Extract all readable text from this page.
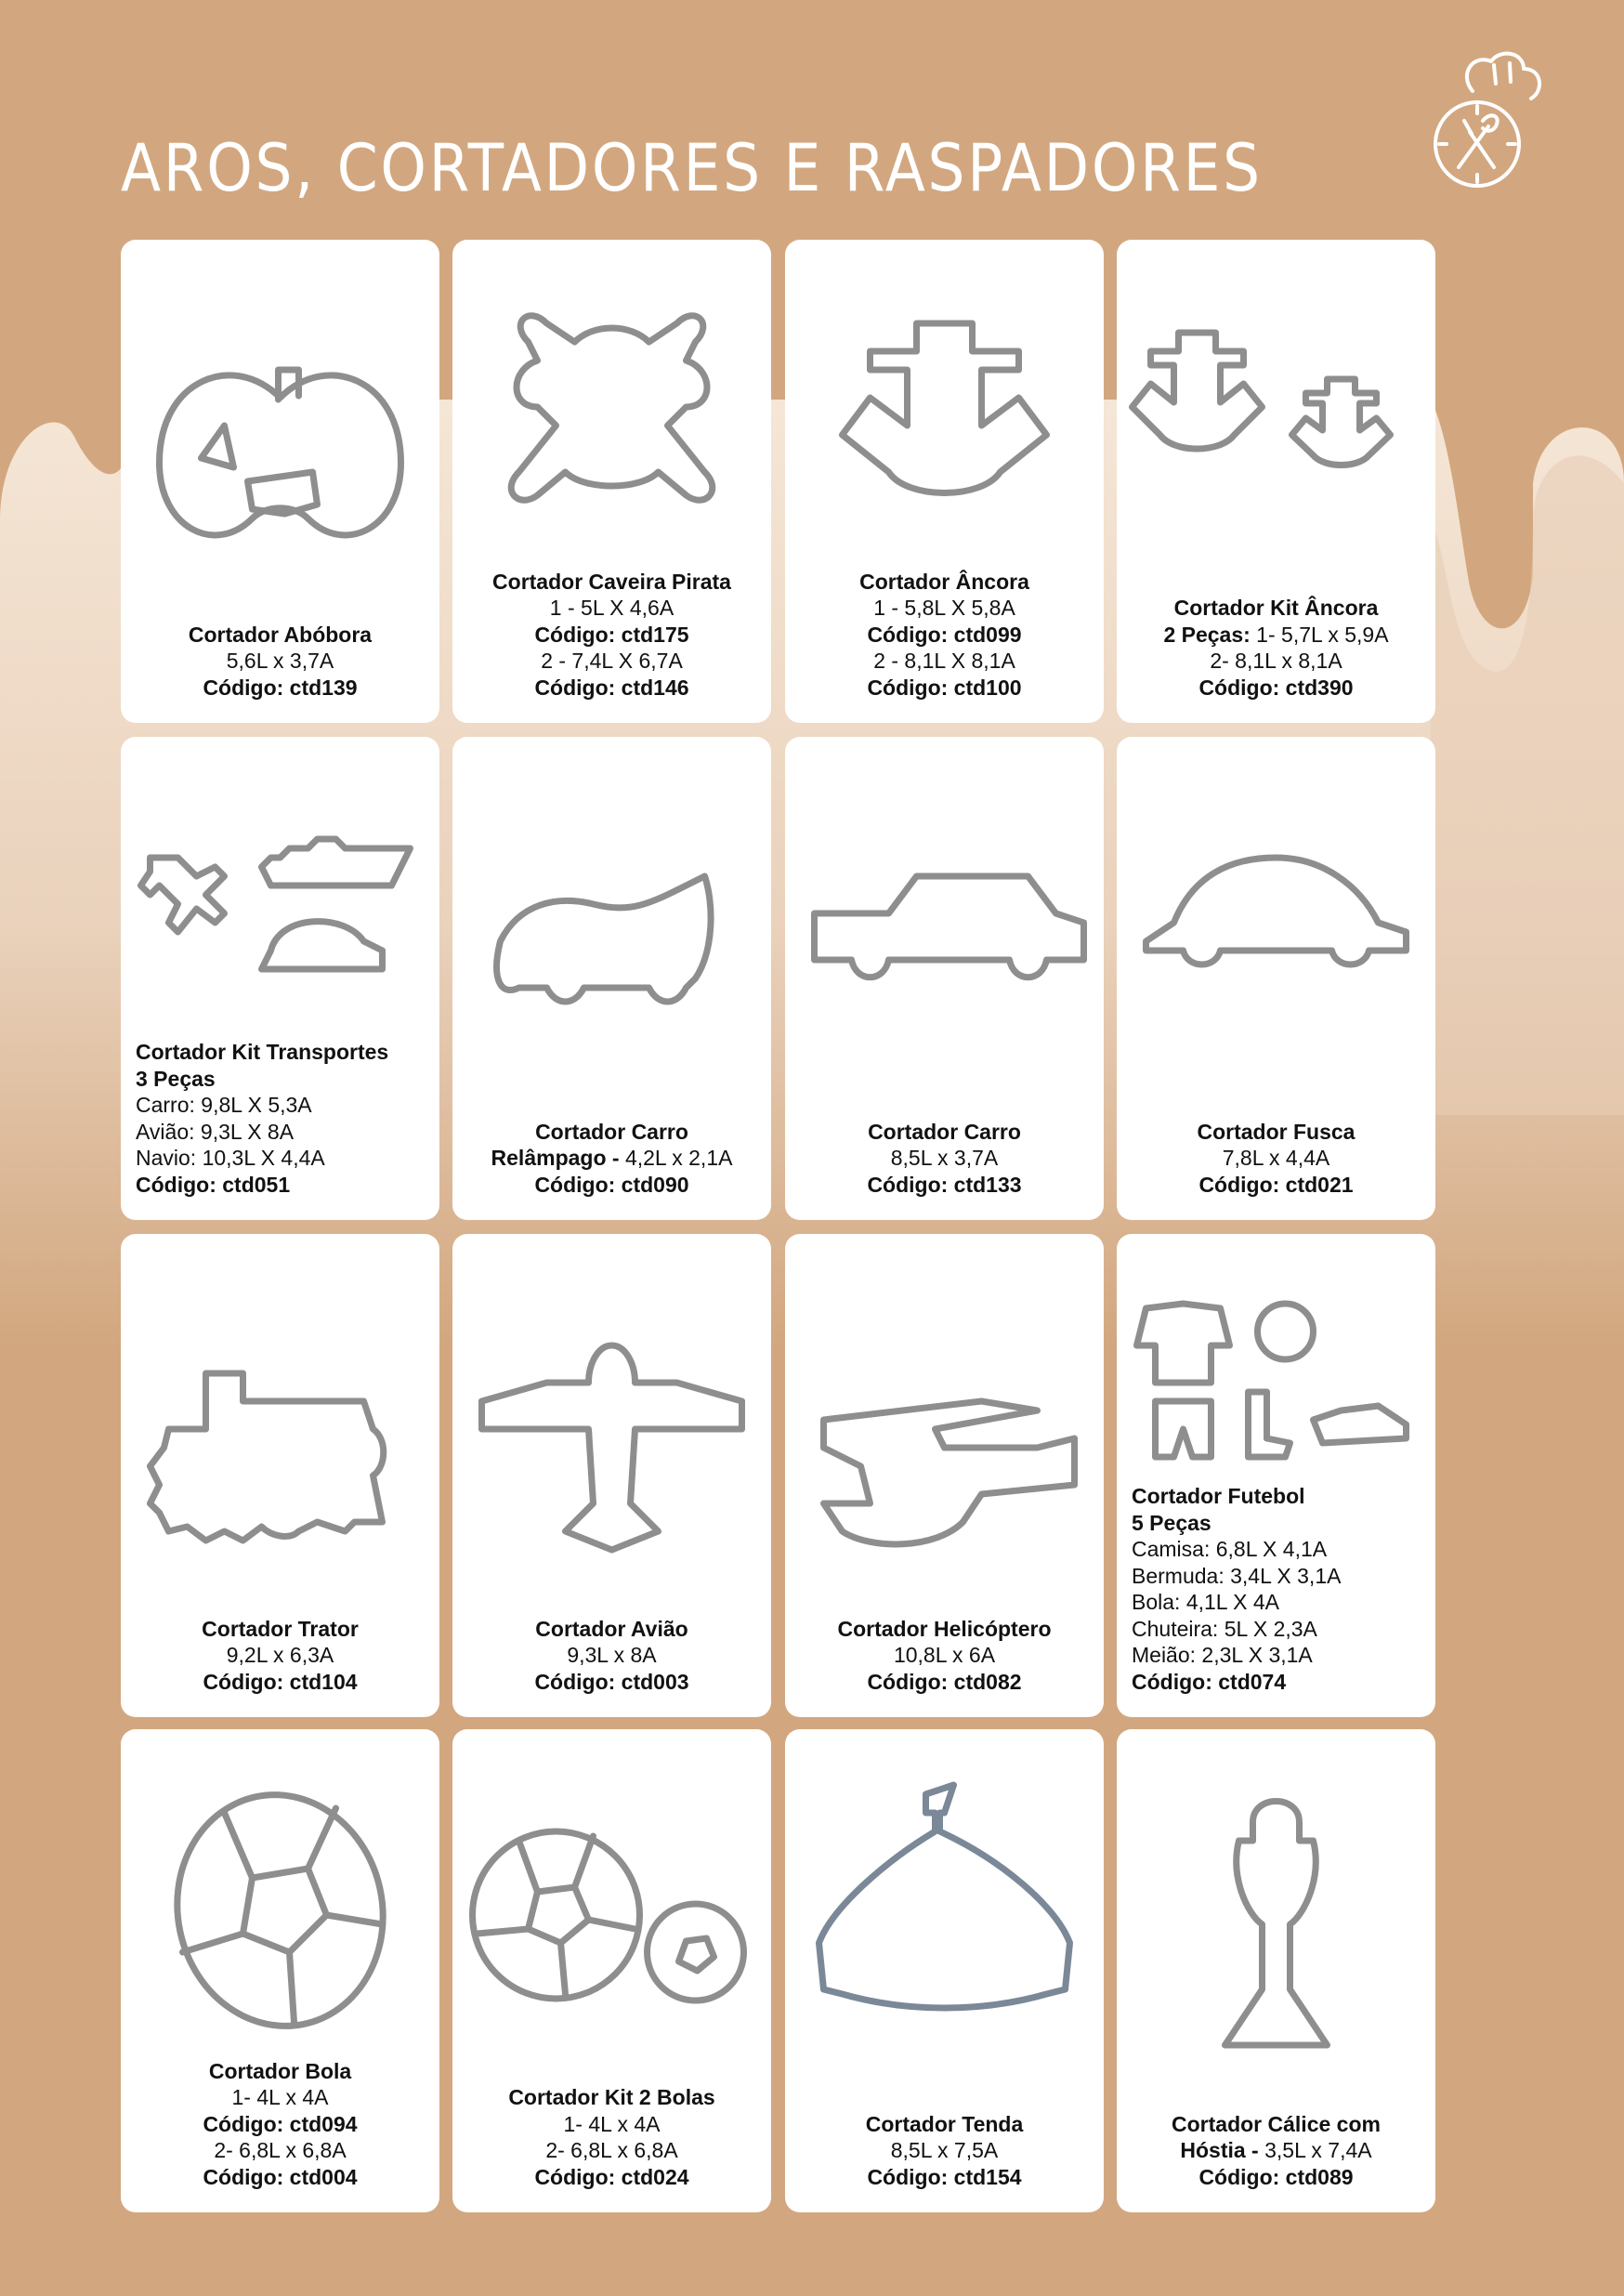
AROS, CORTADORES E RASPADORES
Cortador Abóbora
5,6L x 3,7A
Código: ctd139
Cortador Caveira Pirata
1 - 5L X 4,6A
Código: ctd175
2 - 7,4L X 6,7A
Código: ctd146
Cortador Âncora
1 - 5,8L X 5,8A
Código: ctd099
2 - 8,1L X 8,1A
Código: ctd100
Cortador Kit Âncora
2 Peças: 1- 5,7L x 5,9A
2- 8,1L x 8,1A
Código: ctd390
Cortador Kit Transportes
3 Peças
Carro: 9,8L X 5,3A
Avião: 9,3L X 8A
Navio: 10,3L X 4,4A
Código: ctd051
Cortador Carro
Relâmpago - 4,2L x 2,1A
Código: ctd090
Cortador Carro
8,5L x 3,7A
Código: ctd133
Cortador Fusca
7,8L x 4,4A
Código: ctd021
Cortador Trator
9,2L x 6,3A
Código: ctd104
Cortador Avião
9,3L x 8A
Código: ctd003
Cortador Helicóptero
10,8L x 6A
Código: ctd082
Cortador Futebol
5 Peças
Camisa: 6,8L X 4,1A
Bermuda: 3,4L X 3,1A
Bola: 4,1L X 4A
Chuteira: 5L X 2,3A
Meião: 2,3L X 3,1A
Código: ctd074
Cortador Bola
1- 4L x 4A
Código: ctd094
2- 6,8L x 6,8A
Código: ctd004
Cortador Kit 2 Bolas
1- 4L x 4A
2- 6,8L x 6,8A
Código: ctd024
Cortador Tenda
8,5L x 7,5A
Código: ctd154
Cortador Cálice com
Hóstia - 3,5L x 7,4A
Código: ctd089
